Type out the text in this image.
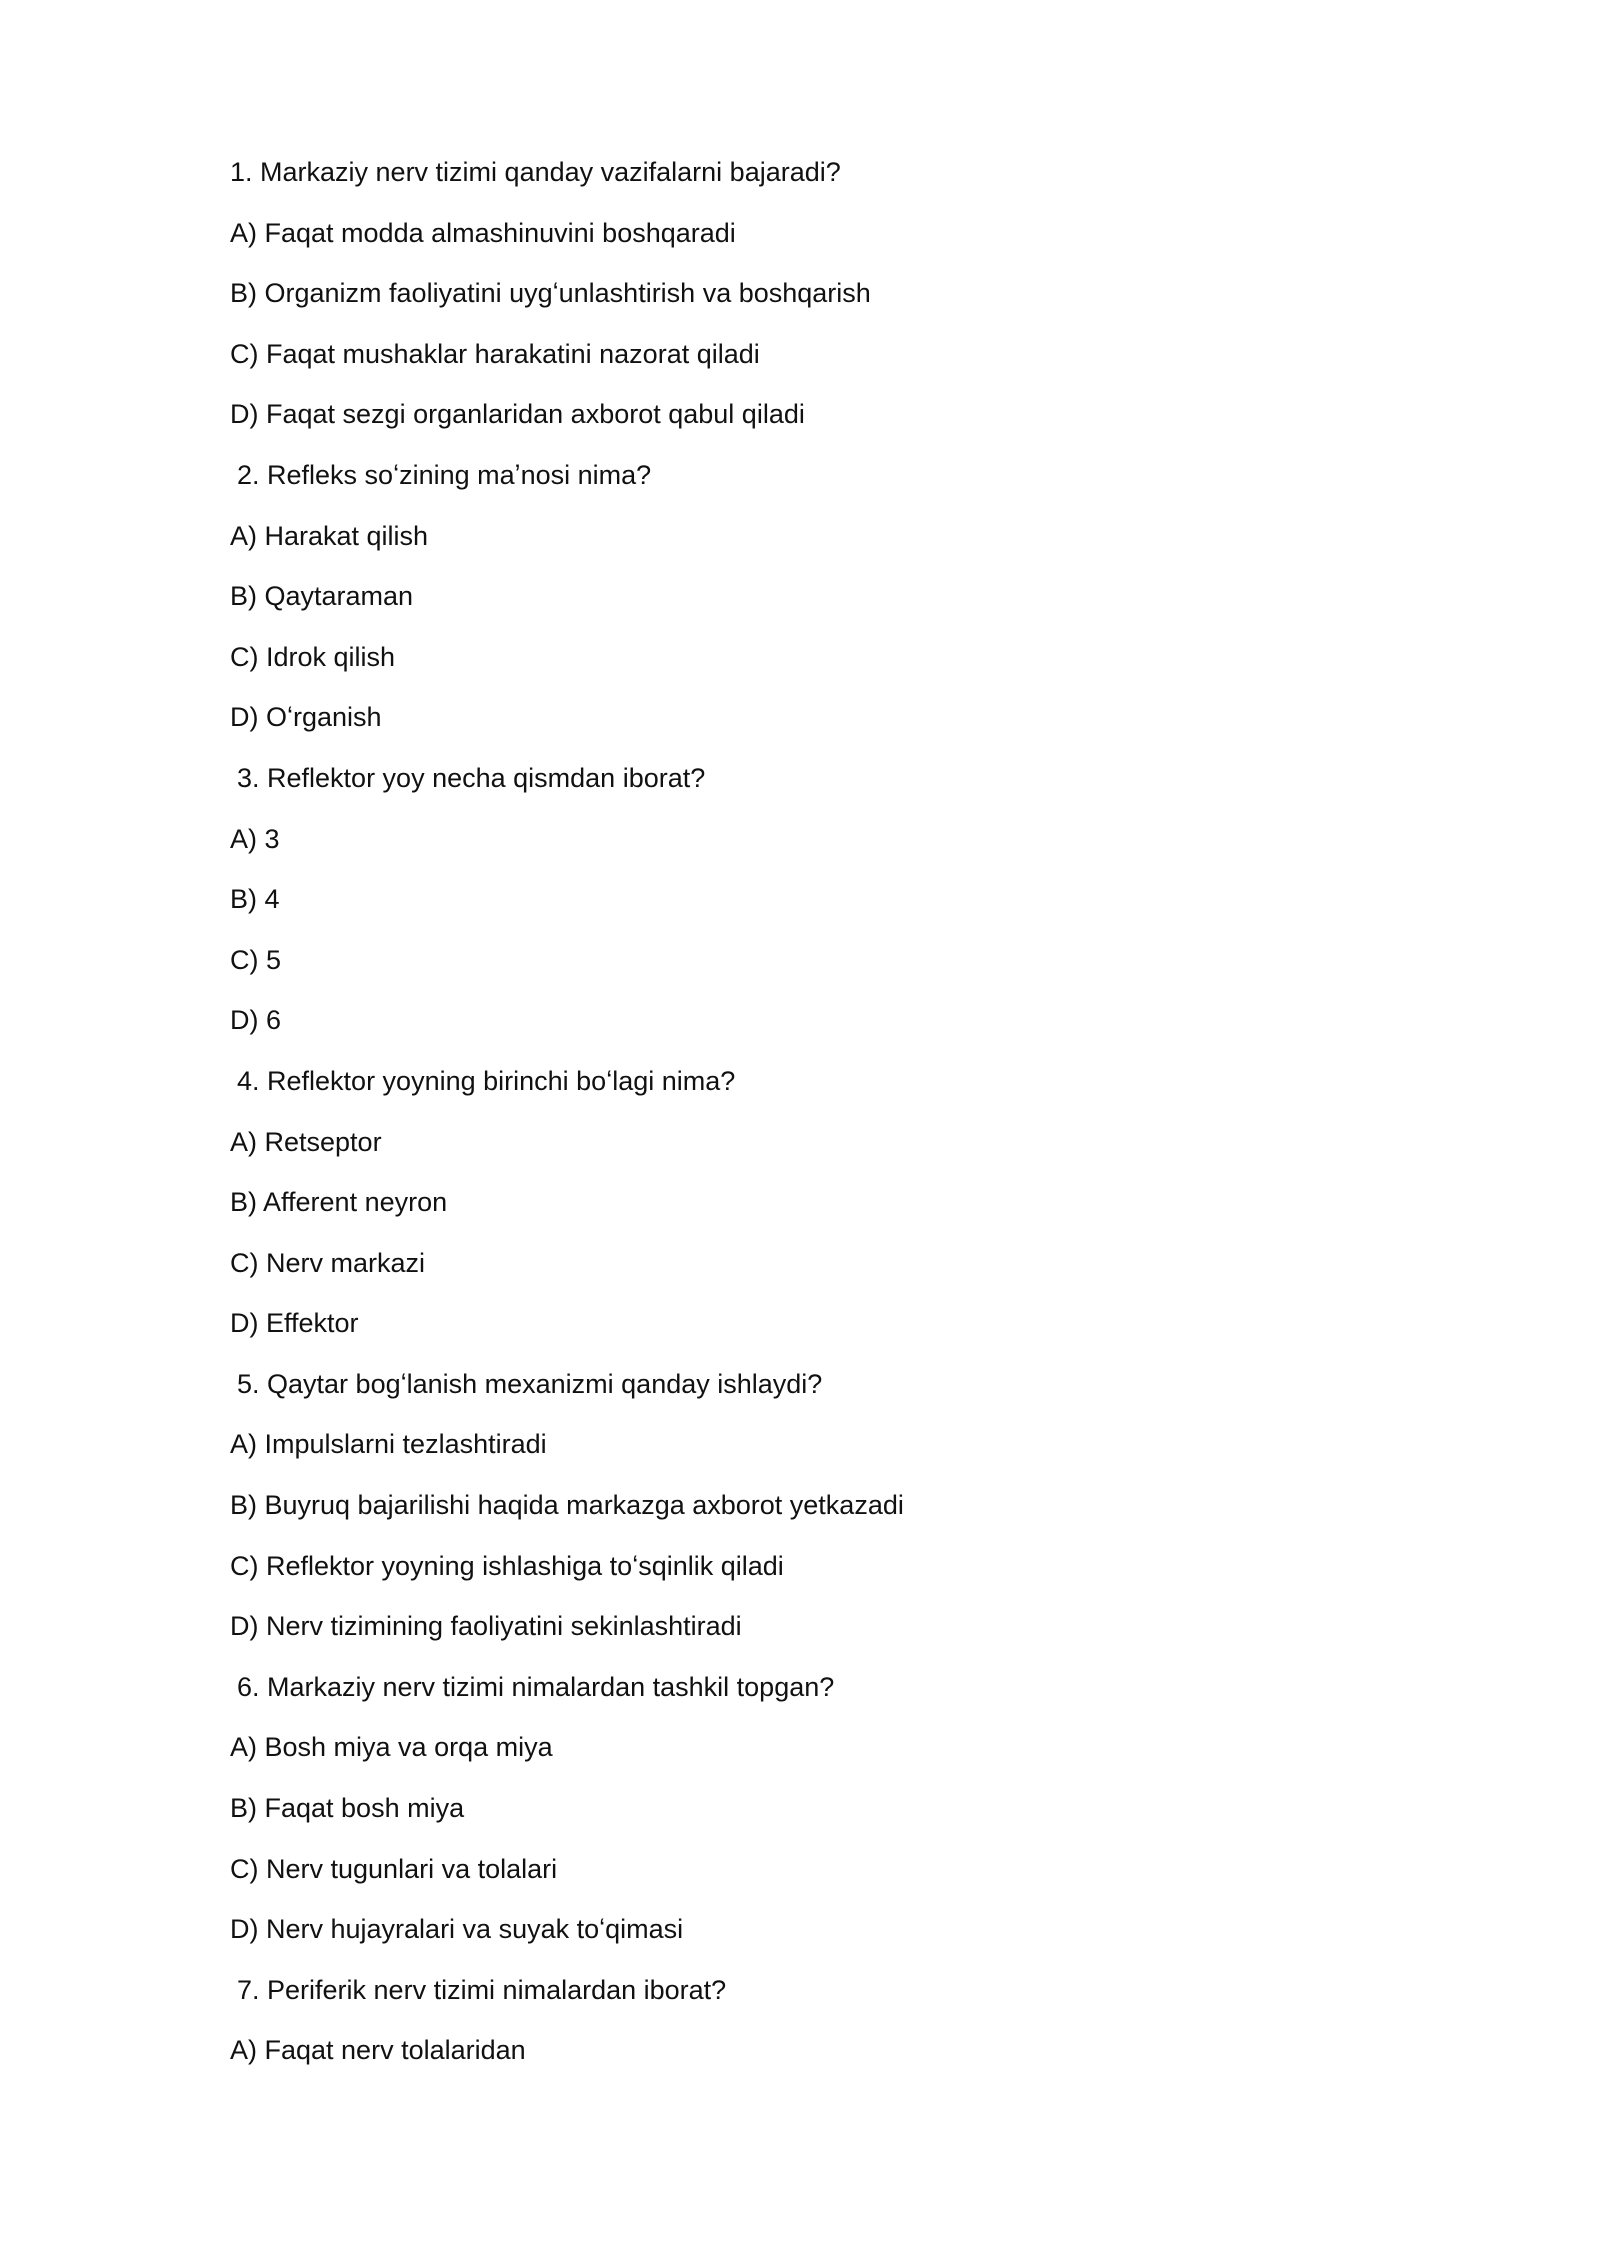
1. Markaziy nerv tizimi qanday vazifalarni bajaradi?
A) Faqat modda almashinuvini boshqaradi
B) Organizm faoliyatini uygʻunlashtirish va boshqarish
C) Faqat mushaklar harakatini nazorat qiladi
D) Faqat sezgi organlaridan axborot qabul qiladi
2. Refleks soʻzining maʼnosi nima?
A) Harakat qilish
B) Qaytaraman
C) Idrok qilish
D) Oʻrganish
3. Reflektor yoy necha qismdan iborat?
A) 3
B) 4
C) 5
D) 6
4. Reflektor yoyning birinchi boʻlagi nima?
A) Retseptor
B) Afferent neyron
C) Nerv markazi
D) Effektor
5. Qaytar bogʻlanish mexanizmi qanday ishlaydi?
A) Impulslarni tezlashtiradi
B) Buyruq bajarilishi haqida markazga axborot yetkazadi
C) Reflektor yoyning ishlashiga toʻsqinlik qiladi
D) Nerv tizimining faoliyatini sekinlashtiradi
6. Markaziy nerv tizimi nimalardan tashkil topgan?
A) Bosh miya va orqa miya
B) Faqat bosh miya
C) Nerv tugunlari va tolalari
D) Nerv hujayralari va suyak toʻqimasi
7. Periferik nerv tizimi nimalardan iborat?
A) Faqat nerv tolalaridan
